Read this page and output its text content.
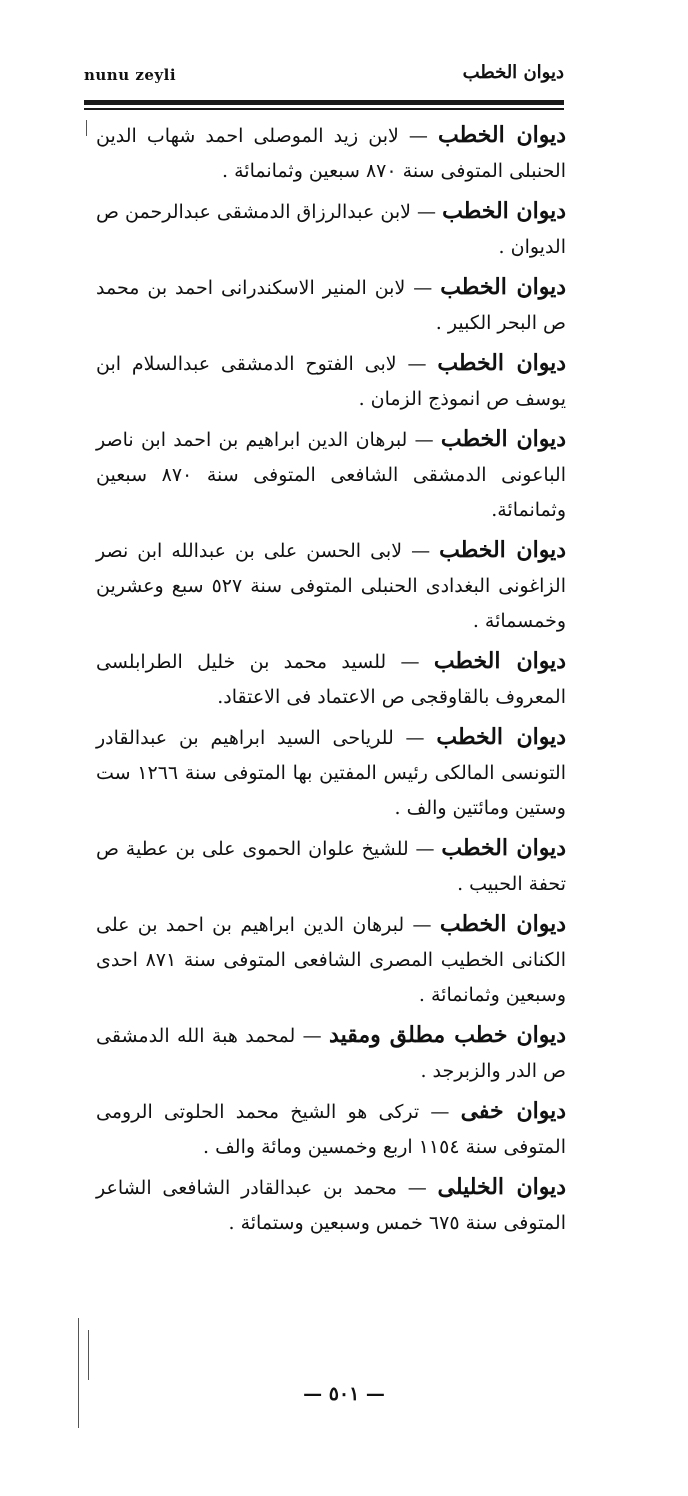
nunu zeyli	ديوان الخطب

ديوان الخطب — لابن زيد الموصلى احمد شهاب الدين الحنبلى المتوفى سنة ٨٧٠ سبعين وثمانمائة .

ديوان الخطب — لابن عبدالرزاق الدمشقى عبدالرحمن ص الديوان .

ديوان الخطب — لابن المنير الاسكندرانى احمد بن محمد ص البحر الكبير .

ديوان الخطب — لابى الفتوح الدمشقى عبدالسلام ابن يوسف ص انموذج الزمان .

ديوان الخطب — لبرهان الدين ابراهيم بن احمد ابن ناصر الباعونى الدمشقى الشافعى المتوفى سنة ٨٧٠ سبعين وثمانمائة.

ديوان الخطب — لابى الحسن على بن عبدالله ابن نصر الزاغونى البغدادى الحنبلى المتوفى سنة ٥٢٧ سبع وعشرين وخمسمائة .

ديوان الخطب — للسيد محمد بن خليل الطرابلسى المعروف بالقاوقجى ص الاعتماد فى الاعتقاد.

ديوان الخطب — للرياحى السيد ابراهيم بن عبدالقادر التونسى المالكى رئيس المفتين بها المتوفى سنة ١٢٦٦ ست وستين ومائتين والف .

ديوان الخطب — للشيخ علوان الحموى على بن عطية ص تحفة الحبيب .

ديوان الخطب — لبرهان الدين ابراهيم بن احمد بن على الكنانى الخطيب المصرى الشافعى المتوفى سنة ٨٧١ احدى وسبعين وثمانمائة .

ديوان خطب مطلق ومقيد — لمحمد هبة الله الدمشقى ص الدر والزبرجد .

ديوان خفى — تركى هو الشيخ محمد الحلوتى الرومى المتوفى سنة ١١٥٤ اربع وخمسين ومائة والف .

ديوان الخليلى — محمد بن عبدالقادر الشافعى الشاعر المتوفى سنة ٦٧٥ خمس وسبعين وستمائة .

— ٥٠١ —
